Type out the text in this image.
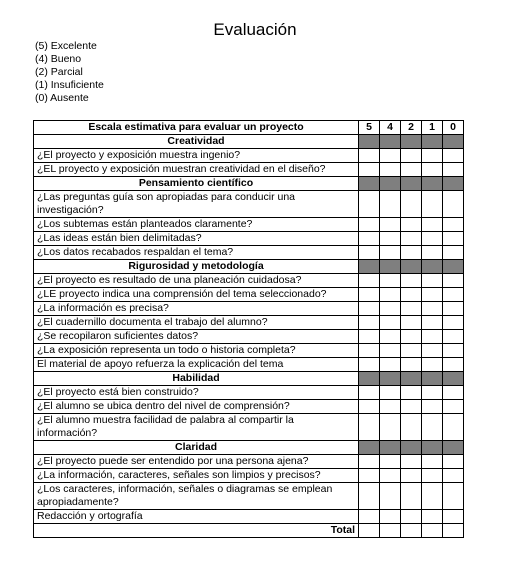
Evaluación
(5) Excelente
(4) Bueno
(2) Parcial
(1) Insuficiente
(0) Ausente
Escala estimativa para evaluar un proyecto	5	4	2	1	0
Creatividad					
¿El proyecto y exposición muestra ingenio?					
¿EL proyecto y exposición muestran creatividad en el diseño?					
Pensamiento científico					
¿Las preguntas guía son apropiadas para conducir una investigación?					
¿Los subtemas están planteados claramente?					
¿Las ideas están bien delimitadas?					
¿Los datos recabados respaldan el tema?					
Rigurosidad y metodología					
¿El proyecto es resultado de una planeación cuidadosa?					
¿LE proyecto indica una comprensión del tema seleccionado?					
¿La información es precisa?					
¿El cuadernillo documenta el trabajo del alumno?					
¿Se recopilaron suficientes datos?					
¿La exposición representa un todo o historia completa?					
El material de apoyo refuerza la explicación del tema					
Habilidad					
¿El proyecto está bien construido?					
¿El alumno se ubica dentro del nivel de comprensión?					
¿El alumno muestra facilidad de palabra al compartir la información?					
Claridad					
¿El proyecto puede ser entendido por una persona ajena?					
¿La información, caracteres, señales son limpios y precisos?					
¿Los caracteres, información, señales o diagramas se emplean apropiadamente?					
Redacción y ortografía					
Total					
